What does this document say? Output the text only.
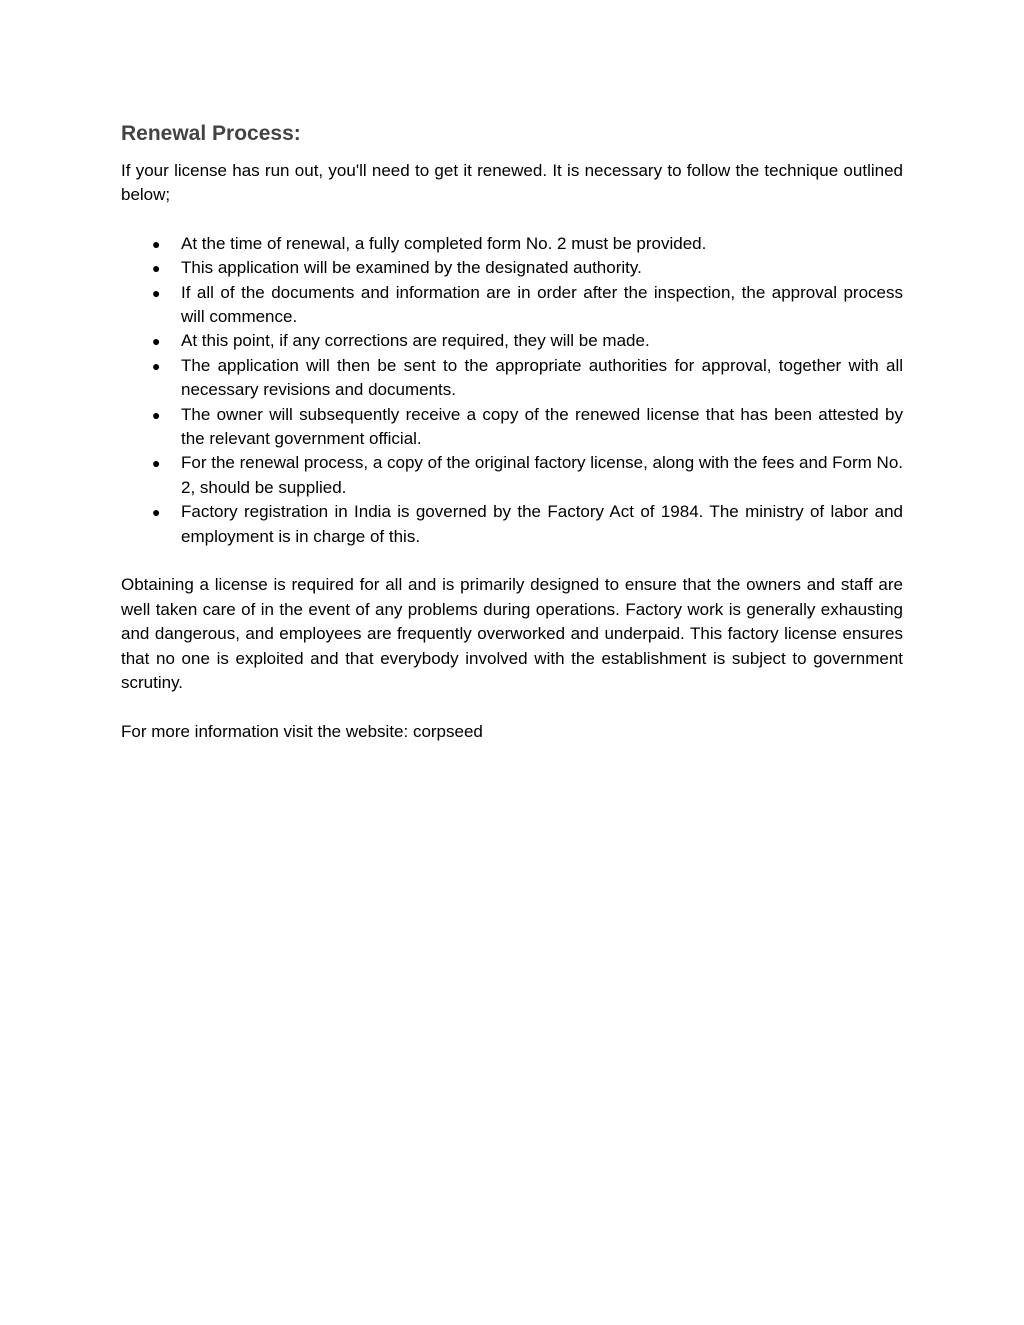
Renewal Process:

If your license has run out, you'll need to get it renewed. It is necessary to follow the technique outlined below;

● At the time of renewal, a fully completed form No. 2 must be provided.
● This application will be examined by the designated authority.
● If all of the documents and information are in order after the inspection, the approval process will commence.
● At this point, if any corrections are required, they will be made.
● The application will then be sent to the appropriate authorities for approval, together with all necessary revisions and documents.
● The owner will subsequently receive a copy of the renewed license that has been attested by the relevant government official.
● For the renewal process, a copy of the original factory license, along with the fees and Form No. 2, should be supplied.
● Factory registration in India is governed by the Factory Act of 1984. The ministry of labor and employment is in charge of this.

Obtaining a license is required for all and is primarily designed to ensure that the owners and staff are well taken care of in the event of any problems during operations. Factory work is generally exhausting and dangerous, and employees are frequently overworked and underpaid. This factory license ensures that no one is exploited and that everybody involved with the establishment is subject to government scrutiny.

For more information visit the website: corpseed
